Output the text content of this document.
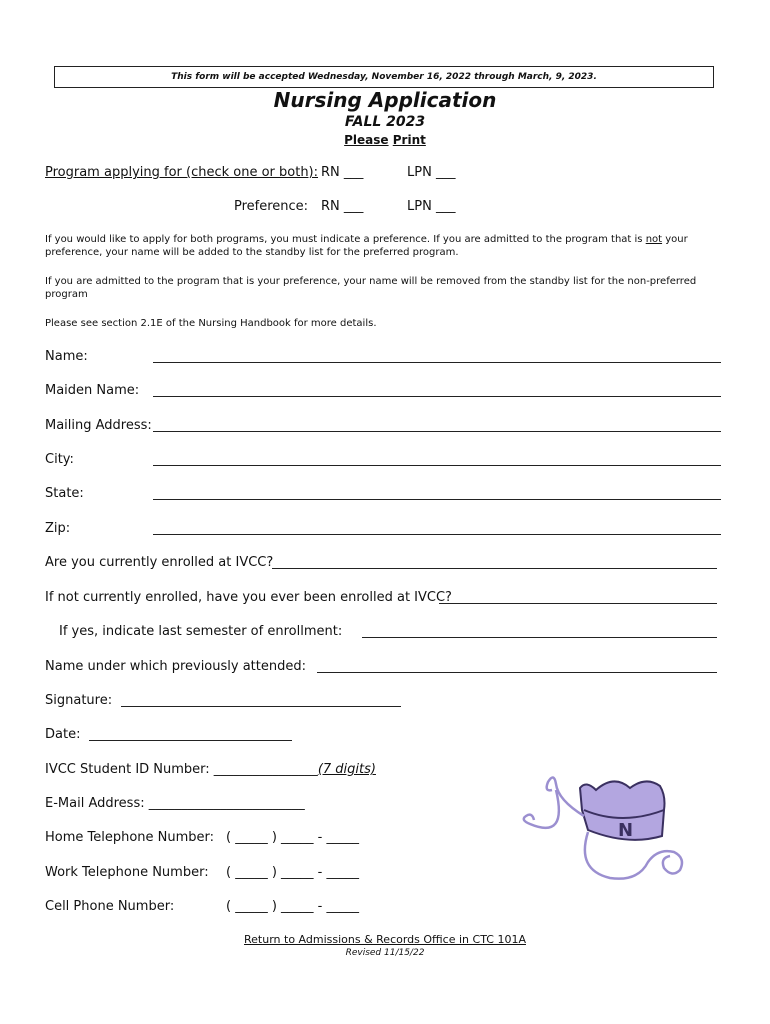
This form will be accepted Wednesday, November 16, 2022 through March, 9, 2023.
Nursing Application
FALL 2023
Please Print
Program applying for (check one or both): RN ___	LPN ___
Preference: RN ___	LPN ___
If you would like to apply for both programs, you must indicate a preference. If you are admitted to the program that is not your preference, your name will be added to the standby list for the preferred program.
If you are admitted to the program that is your preference, your name will be removed from the standby list for the non-preferred program
Please see section 2.1E of the Nursing Handbook for more details.
Name:
Maiden Name:
Mailing Address:
City:
State:
Zip:
Are you currently enrolled at IVCC?
If not currently enrolled, have you ever been enrolled at IVCC?
If yes, indicate last semester of enrollment:
Name under which previously attended:
Signature:
Date:
IVCC Student ID Number: ________________(7 digits)
E-Mail Address: ________________________
Home Telephone Number: ( _____ ) _____ - _____
Work Telephone Number: ( _____ ) _____ - _____
Cell Phone Number:	( _____ ) _____ - _____
N
Return to Admissions & Records Office in CTC 101A
Revised 11/15/22
